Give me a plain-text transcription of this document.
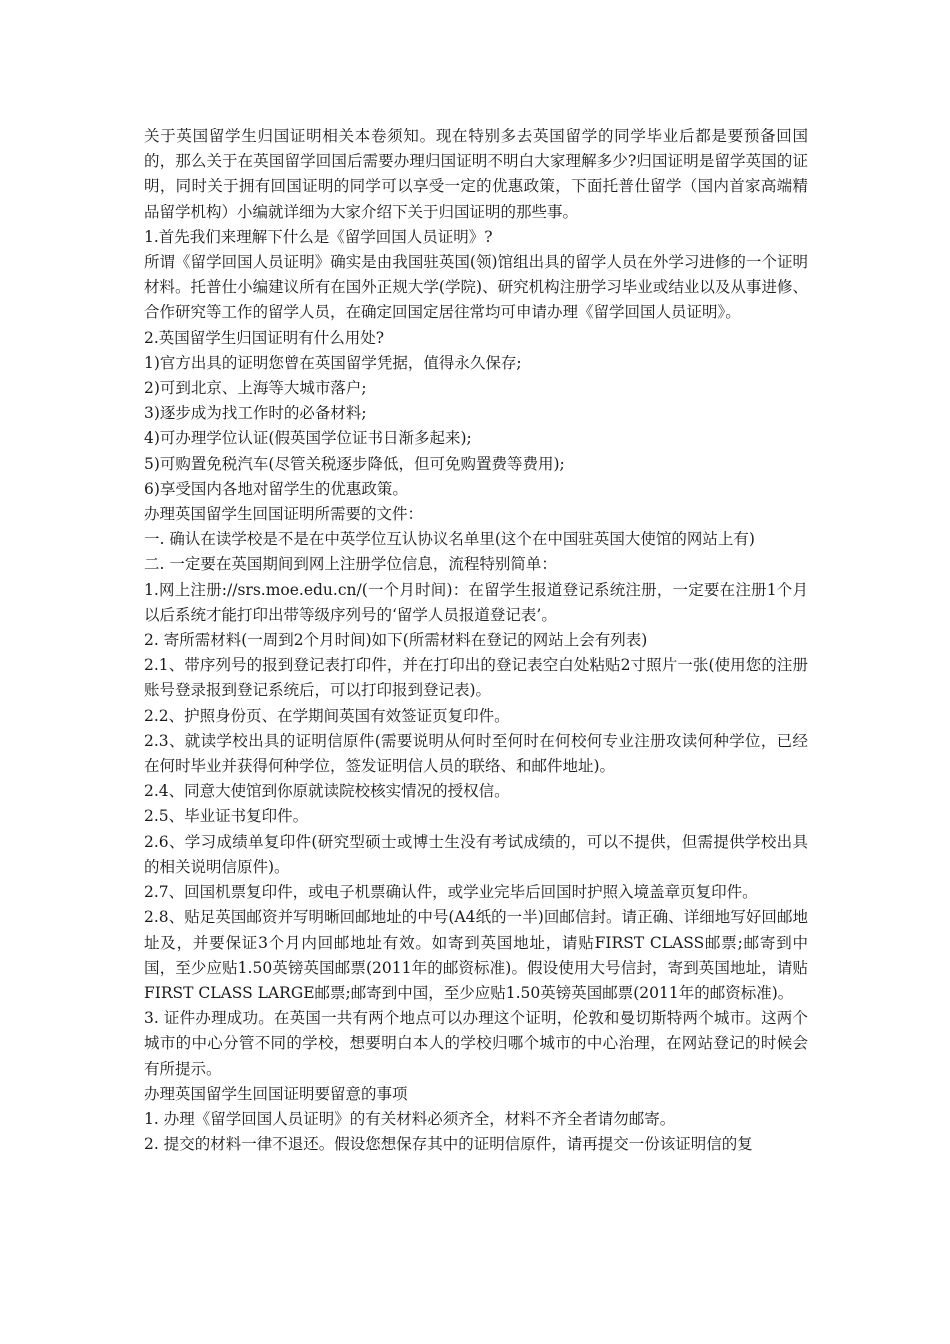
关于英国留学生归国证明相关本卷须知。现在特别多去英国留学的同学毕业后都是要预备回国的，那么关于在英国留学回国后需要办理归国证明不明白大家理解多少?归国证明是留学英国的证明，同时关于拥有回国证明的同学可以享受一定的优惠政策，下面托普仕留学（国内首家高端精品留学机构）小编就详细为大家介绍下关于归国证明的那些事。

1.首先我们来理解下什么是《留学回国人员证明》?

所谓《留学回国人员证明》确实是由我国驻英国(领)馆组出具的留学人员在外学习进修的一个证明材料。托普仕小编建议所有在国外正规大学(学院)、研究机构注册学习毕业或结业以及从事进修、合作研究等工作的留学人员，在确定回国定居往常均可申请办理《留学回国人员证明》。

2.英国留学生归国证明有什么用处?

1)官方出具的证明您曾在英国留学凭据，值得永久保存;

2)可到北京、上海等大城市落户;

3)逐步成为找工作时的必备材料;

4)可办理学位认证(假英国学位证书日渐多起来);

5)可购置免税汽车(尽管关税逐步降低，但可免购置费等费用);

6)享受国内各地对留学生的优惠政策。

办理英国留学生回国证明所需要的文件：

一. 确认在读学校是不是在中英学位互认协议名单里(这个在中国驻英国大使馆的网站上有)

二. 一定要在英国期间到网上注册学位信息，流程特别简单：

1.网上注册://srs.moe.edu.cn/(一个月时间)：在留学生报道登记系统注册，一定要在注册1个月以后系统才能打印出带等级序列号的‘留学人员报道登记表’。

2. 寄所需材料(一周到2个月时间)如下(所需材料在登记的网站上会有列表)

2.1、带序列号的报到登记表打印件，并在打印出的登记表空白处粘贴2寸照片一张(使用您的注册账号登录报到登记系统后，可以打印报到登记表)。

2.2、护照身份页、在学期间英国有效签证页复印件。

2.3、就读学校出具的证明信原件(需要说明从何时至何时在何校何专业注册攻读何种学位，已经在何时毕业并获得何种学位，签发证明信人员的联络、和邮件地址)。

2.4、同意大使馆到你原就读院校核实情况的授权信。

2.5、毕业证书复印件。

2.6、学习成绩单复印件(研究型硕士或博士生没有考试成绩的，可以不提供，但需提供学校出具的相关说明信原件)。

2.7、回国机票复印件，或电子机票确认件，或学业完毕后回国时护照入境盖章页复印件。

2.8、贴足英国邮资并写明晰回邮地址的中号(A4纸的一半)回邮信封。请正确、详细地写好回邮地址及，并要保证3个月内回邮地址有效。如寄到英国地址，请贴FIRST CLASS邮票;邮寄到中国，至少应贴1.50英镑英国邮票(2011年的邮资标准)。假设使用大号信封，寄到英国地址，请贴FIRST CLASS LARGE邮票;邮寄到中国，至少应贴1.50英镑英国邮票(2011年的邮资标准)。

3. 证件办理成功。在英国一共有两个地点可以办理这个证明，伦敦和曼切斯特两个城市。这两个城市的中心分管不同的学校，想要明白本人的学校归哪个城市的中心治理，在网站登记的时候会有所提示。

办理英国留学生回国证明要留意的事项

1. 办理《留学回国人员证明》的有关材料必须齐全，材料不齐全者请勿邮寄。

2. 提交的材料一律不退还。假设您想保存其中的证明信原件，请再提交一份该证明信的复
